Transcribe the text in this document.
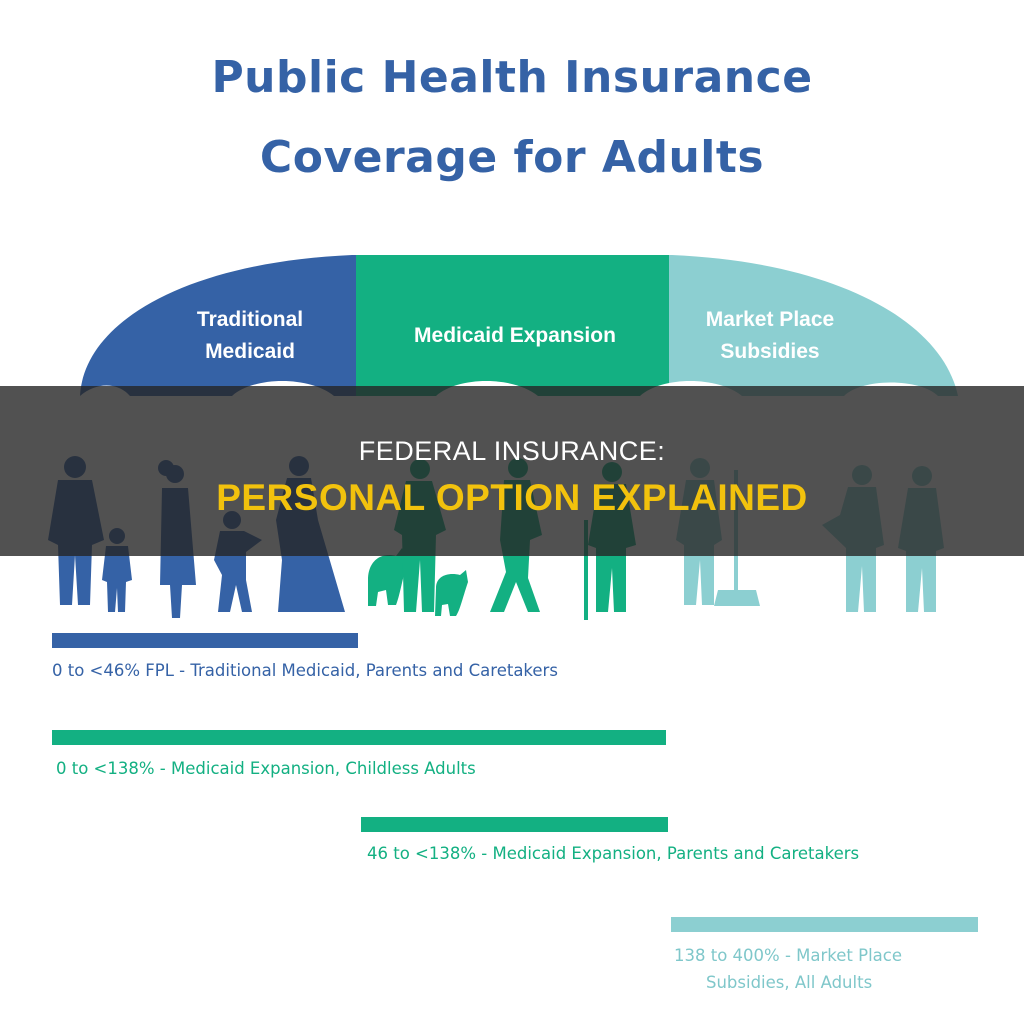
Public Health Insurance
Coverage for Adults
Traditional
Medicaid
Medicaid Expansion
Market Place
Subsidies
0 to <46% FPL - Traditional Medicaid, Parents and Caretakers
0 to <138% - Medicaid Expansion, Childless Adults
46 to <138% - Medicaid Expansion, Parents and Caretakers
138 to 400% - Market Place
Subsidies, All Adults
FEDERAL INSURANCE:
PERSONAL OPTION EXPLAINED
